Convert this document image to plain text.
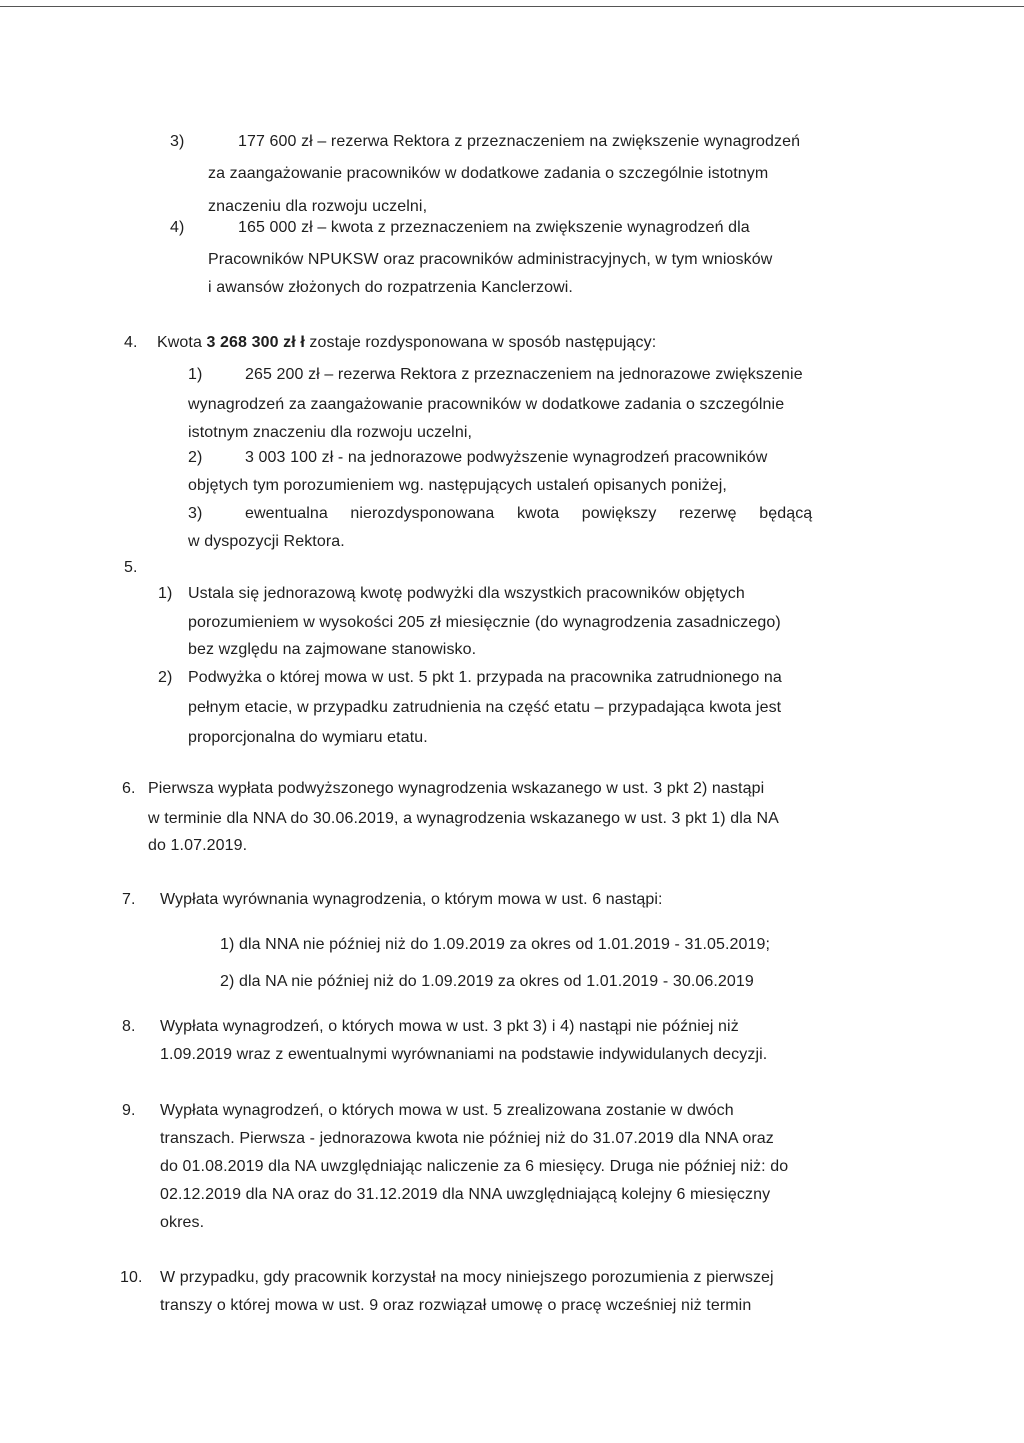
3)	177 600 zł – rezerwa Rektora z przeznaczeniem na zwiększenie wynagrodzeń
za zaangażowanie pracowników w dodatkowe zadania o szczególnie istotnym
znaczeniu dla rozwoju uczelni,
4)	165 000 zł – kwota z przeznaczeniem na zwiększenie wynagrodzeń dla
Pracowników NPUKSW oraz pracowników administracyjnych, w tym wniosków
i awansów złożonych do rozpatrzenia Kanclerzowi.
4. Kwota 3 268 300 zł ł zostaje rozdysponowana w sposób następujący:
1)	265 200 zł – rezerwa Rektora z przeznaczeniem na jednorazowe zwiększenie
wynagrodzeń za zaangażowanie pracowników w dodatkowe zadania o szczególnie
istotnym znaczeniu dla rozwoju uczelni,
2)	3 003 100 zł - na jednorazowe podwyższenie wynagrodzeń pracowników
objętych tym porozumieniem wg. następujących ustaleń opisanych poniżej,
3)	ewentualna nierozdysponowana kwota powiększy rezerwę będącą
w dyspozycji Rektora.
5.
1) Ustala się jednorazową kwotę podwyżki dla wszystkich pracowników objętych
porozumieniem w wysokości 205 zł miesięcznie (do wynagrodzenia zasadniczego)
bez względu na zajmowane stanowisko.
2) Podwyżka o której mowa w ust. 5 pkt 1. przypada na pracownika zatrudnionego na
pełnym etacie, w przypadku zatrudnienia na część etatu – przypadająca kwota jest
proporcjonalna do wymiaru etatu.
6. Pierwsza wypłata podwyższonego wynagrodzenia wskazanego w ust. 3 pkt 2) nastąpi
w terminie dla NNA do 30.06.2019, a wynagrodzenia wskazanego w ust. 3 pkt 1) dla NA
do 1.07.2019.
7. Wypłata wyrównania wynagrodzenia, o którym mowa w ust. 6 nastąpi:
1) dla NNA nie później niż do 1.09.2019 za okres od 1.01.2019 - 31.05.2019;
2) dla NA nie później niż do 1.09.2019 za okres od 1.01.2019 - 30.06.2019
8. Wypłata wynagrodzeń, o których mowa w ust. 3 pkt 3) i 4) nastąpi nie później niż
1.09.2019 wraz z ewentualnymi wyrównaniami na podstawie indywidulanych decyzji.
9. Wypłata wynagrodzeń, o których mowa w ust. 5 zrealizowana zostanie w dwóch
transzach. Pierwsza - jednorazowa kwota nie później niż do 31.07.2019 dla NNA oraz
do 01.08.2019 dla NA uwzględniając naliczenie za 6 miesięcy. Druga nie później niż: do
02.12.2019 dla NA oraz do 31.12.2019 dla NNA uwzględniającą kolejny 6 miesięczny
okres.
10. W przypadku, gdy pracownik korzystał na mocy niniejszego porozumienia z pierwszej
transzy o której mowa w ust. 9 oraz rozwiązał umowę o pracę wcześniej niż termin
